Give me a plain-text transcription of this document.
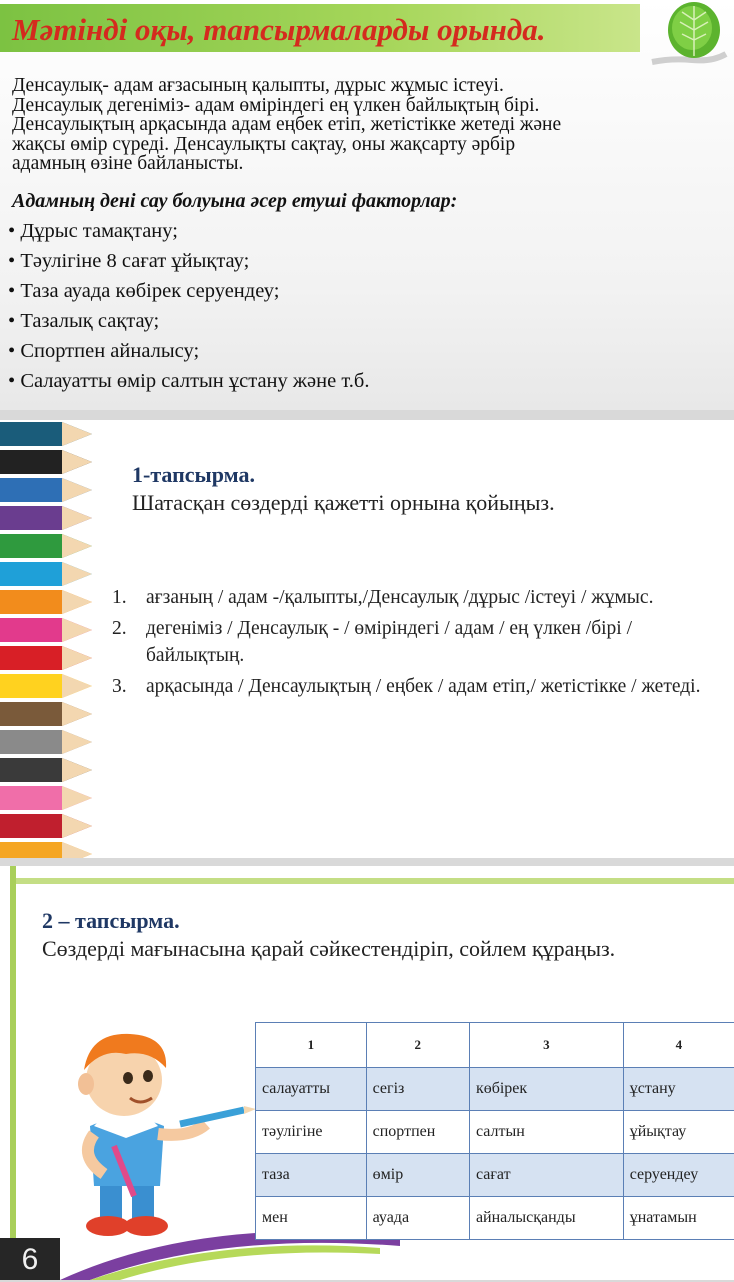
Мәтінді оқы, тапсырмаларды орында.
Денсаулық- адам ағзасының қалыпты, дұрыс жұмыс істеуі.
Денсаулық дегеніміз- адам өміріндегі ең үлкен байлықтың бірі.
Денсаулықтың арқасында адам еңбек етіп, жетістікке жетеді және
жақсы өмір сүреді. Денсаулықты сақтау, оны жақсарту әрбір
адамның өзіне байланысты.
Адамның дені сау болуына әсер етуші факторлар:
• Дұрыс тамақтану;
• Тәулігіне 8 сағат ұйықтау;
• Таза ауада көбірек серуендеу;
• Тазалық сақтау;
• Спортпен айналысу;
• Салауатты өмір салтын ұстану және т.б.
1-тапсырма.
Шатасқан сөздерді қажетті орнына қойыңыз.
1. ағзаның / адам -/қалыпты,/Денсаулық /дұрыс /істеуі / жұмыс.
2. дегеніміз / Денсаулық - / өміріндегі / адам / ең үлкен /бірі / байлықтың.
3. арқасында / Денсаулықтың / еңбек / адам етіп,/ жетістікке / жетеді.
2 – тапсырма.
Сөздерді мағынасына қарай сәйкестендіріп, сойлем құраңыз.
1	2	3	4
салауатты	сегіз	көбірек	ұстану
тәулігіне	спортпен	салтын	ұйықтау
таза	өмір	сағат	серуендеу
мен	ауада	айналысқанды	ұнатамын
6
